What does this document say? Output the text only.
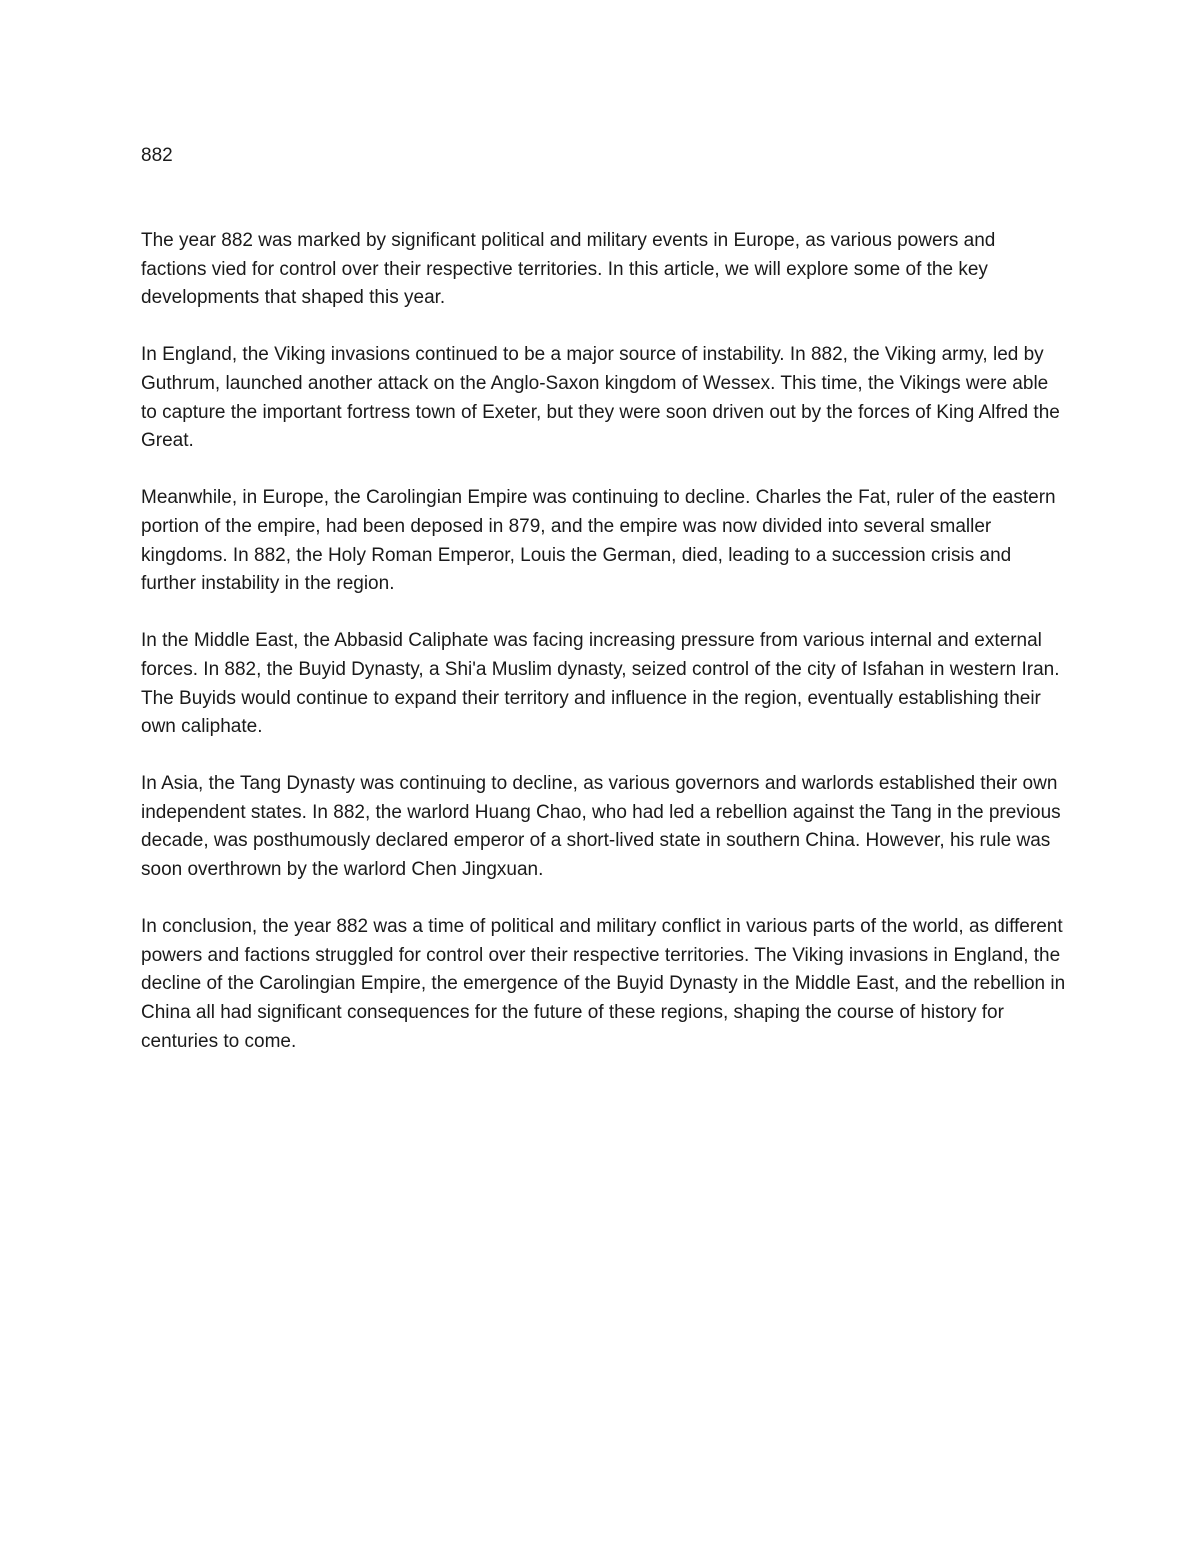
882

The year 882 was marked by significant political and military events in Europe, as various powers and factions vied for control over their respective territories. In this article, we will explore some of the key developments that shaped this year.

In England, the Viking invasions continued to be a major source of instability. In 882, the Viking army, led by Guthrum, launched another attack on the Anglo-Saxon kingdom of Wessex. This time, the Vikings were able to capture the important fortress town of Exeter, but they were soon driven out by the forces of King Alfred the Great.

Meanwhile, in Europe, the Carolingian Empire was continuing to decline. Charles the Fat, ruler of the eastern portion of the empire, had been deposed in 879, and the empire was now divided into several smaller kingdoms. In 882, the Holy Roman Emperor, Louis the German, died, leading to a succession crisis and further instability in the region.

In the Middle East, the Abbasid Caliphate was facing increasing pressure from various internal and external forces. In 882, the Buyid Dynasty, a Shi'a Muslim dynasty, seized control of the city of Isfahan in western Iran. The Buyids would continue to expand their territory and influence in the region, eventually establishing their own caliphate.

In Asia, the Tang Dynasty was continuing to decline, as various governors and warlords established their own independent states. In 882, the warlord Huang Chao, who had led a rebellion against the Tang in the previous decade, was posthumously declared emperor of a short-lived state in southern China. However, his rule was soon overthrown by the warlord Chen Jingxuan.

In conclusion, the year 882 was a time of political and military conflict in various parts of the world, as different powers and factions struggled for control over their respective territories. The Viking invasions in England, the decline of the Carolingian Empire, the emergence of the Buyid Dynasty in the Middle East, and the rebellion in China all had significant consequences for the future of these regions, shaping the course of history for centuries to come.
